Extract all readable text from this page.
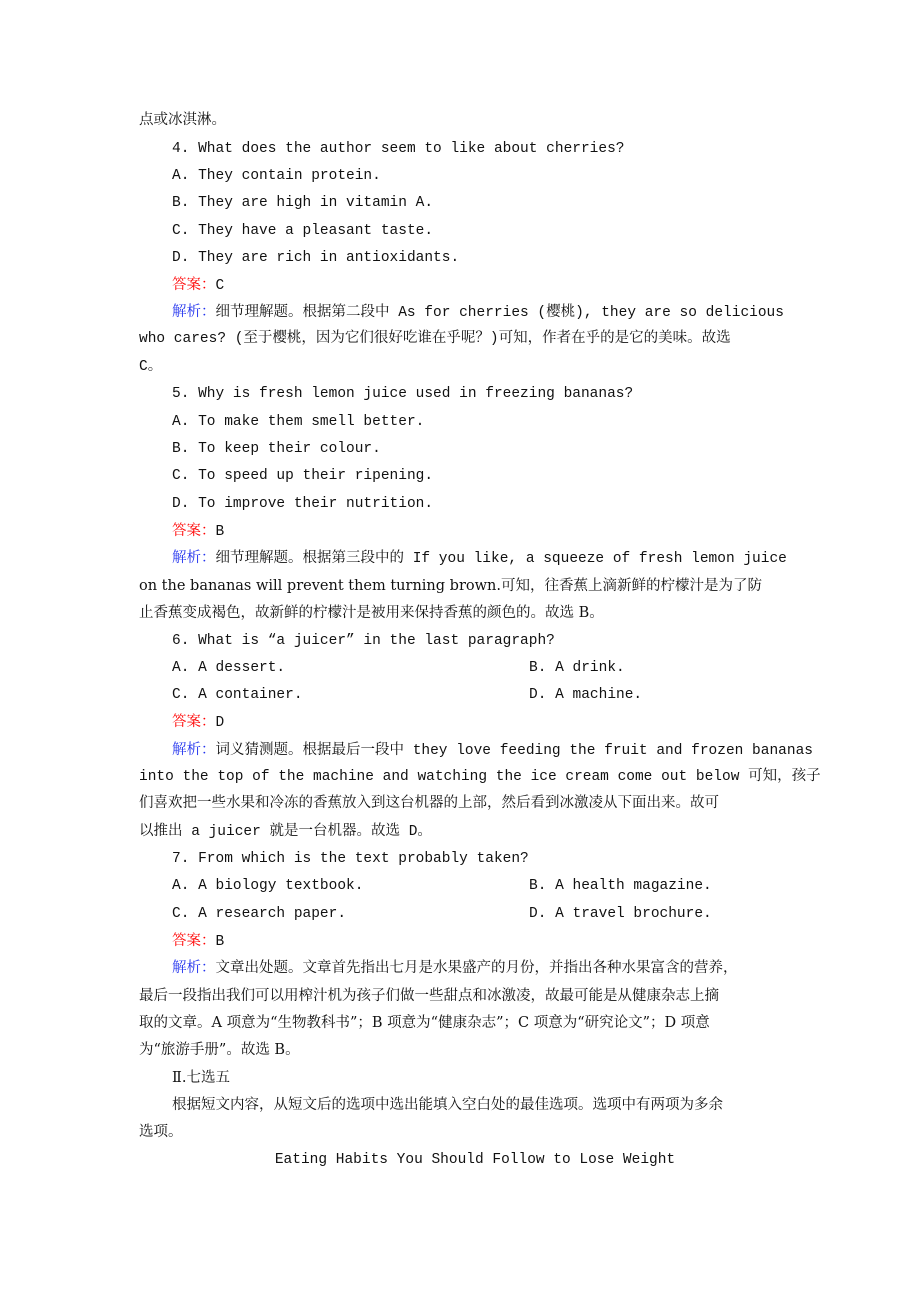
点或冰淇淋。
4. What does the author seem to like about cherries?
A. They contain protein.
B. They are high in vitamin A.
C. They have a pleasant taste.
D. They are rich in antioxidants.
答案：C
解析：细节理解题。根据第二段中 As for cherries (樱桃), they are so delicious
who cares? (至于樱桃，因为它们很好吃谁在乎呢？)可知，作者在乎的是它的美味。故选
C。
5. Why is fresh lemon juice used in freezing bananas?
A. To make them smell better.
B. To keep their colour.
C. To speed up their ripening.
D. To improve their nutrition.
答案：B
解析：细节理解题。根据第三段中的 If you like, a squeeze of fresh lemon juice
on the bananas will prevent them turning brown.可知，往香蕉上滴新鲜的柠檬汁是为了防
止香蕉变成褐色，故新鲜的柠檬汁是被用来保持香蕉的颜色的。故选 B。
6. What is “a juicer” in the last paragraph?
A. A dessert.	B. A drink.
C. A container.	D. A machine.
答案：D
解析：词义猜测题。根据最后一段中 they love feeding the fruit and frozen bananas
into the top of the machine and watching the ice cream come out below 可知，孩子
们喜欢把一些水果和冷冻的香蕉放入到这台机器的上部，然后看到冰激凌从下面出来。故可
以推出 a juicer 就是一台机器。故选 D。
7. From which is the text probably taken?
A. A biology textbook.	B. A health magazine.
C. A research paper.	D. A travel brochure.
答案：B
解析：文章出处题。文章首先指出七月是水果盛产的月份，并指出各种水果富含的营养，
最后一段指出我们可以用榨汁机为孩子们做一些甜点和冰激凌，故最可能是从健康杂志上摘
取的文章。A 项意为“生物教科书”；B 项意为“健康杂志”；C 项意为“研究论文”；D 项意
为“旅游手册”。故选 B。
Ⅱ.七选五
根据短文内容，从短文后的选项中选出能填入空白处的最佳选项。选项中有两项为多余
选项。
Eating Habits You Should Follow to Lose Weight
